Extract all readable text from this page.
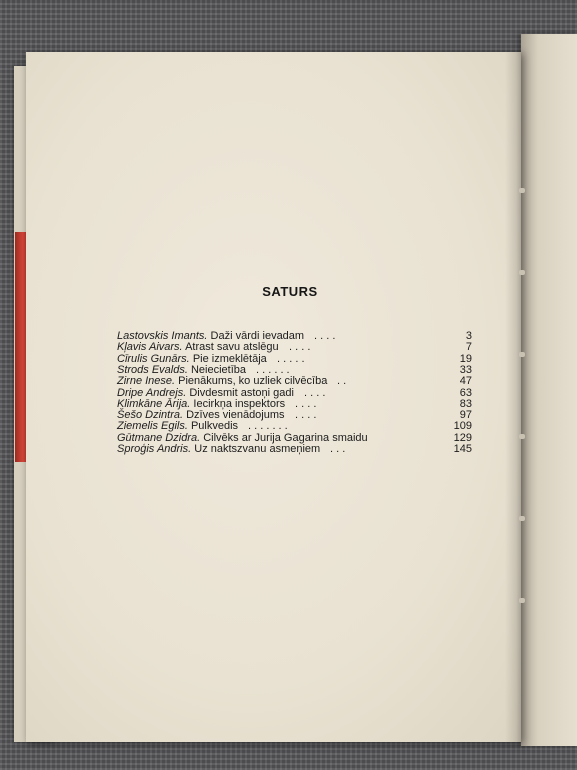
SATURS
Lastovskis Imants. Daži vārdi ievadam . . . .	3
Kļavis Aivars. Atrast savu atslēgu . . . .	7
Cīrulis Gunārs. Pie izmeklētāja . . . . .	19
Strods Evalds. Neiecietība . . . . . .	33
Zirne Inese. Pienākums, ko uzliek cilvēcība . .	47
Dripe Andrejs. Divdesmit astoņi gadi . . . .	63
Klimkāne Ārija. Iecirkņa inspektors . . . .	83
Šešo Dzintra. Dzīves vienādojums . . . .	97
Ziemelis Egils. Pulkvedis . . . . . . .	109
Gūtmane Dzidra. Cilvēks ar Jurija Gagarina smaidu	129
Sproģis Andris. Uz naktszvanu asmeņiem . . .	145
